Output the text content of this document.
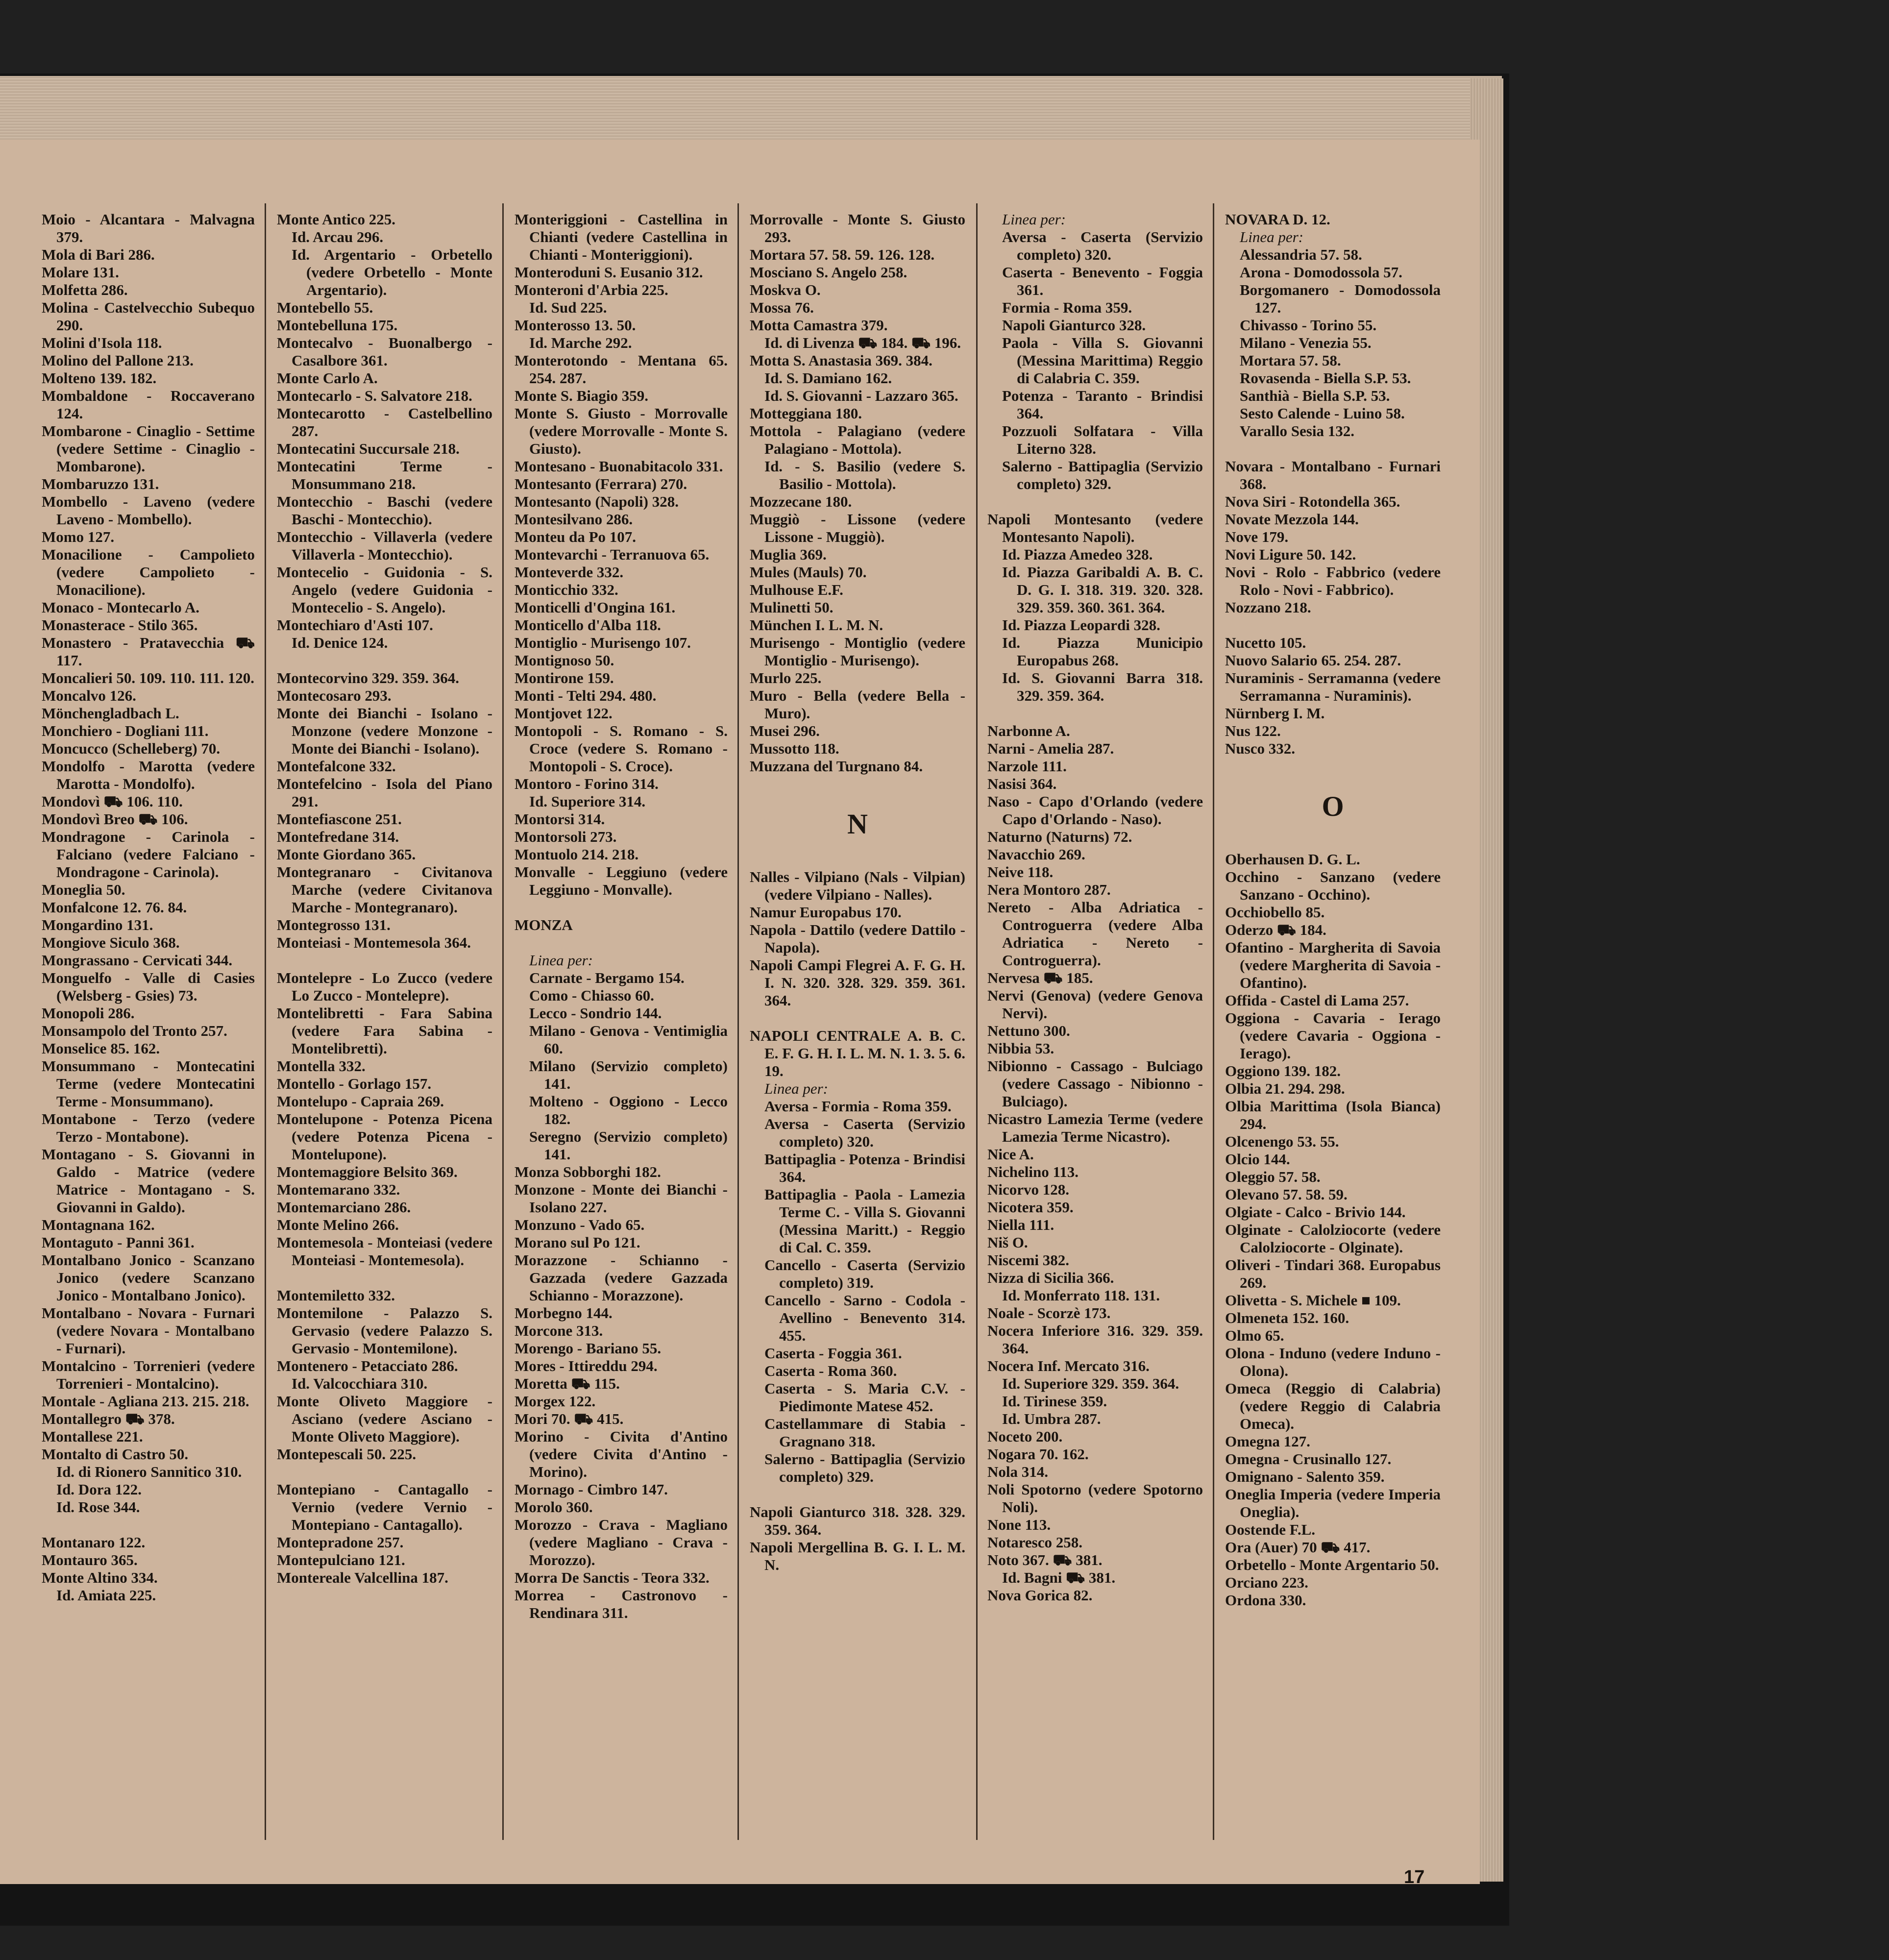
Moio - Alcantara - Malvagna 379.

Mola di Bari 286.

Molare 131.

Molfetta 286.

Molina - Castelvecchio Subequo 290.

Molini d'Isola 118.

Molino del Pallone 213.

Molteno 139. 182.

Mombaldone - Roccaverano 124.

Mombarone - Cinaglio - Settime (vedere Settime - Cinaglio - Mombarone).

Mombaruzzo 131.

Mombello - Laveno (vedere Laveno - Mombello).

Momo 127.

Monacilione - Campolieto (vedere Campolieto - Monacilione).

Monaco - Montecarlo A.

Monasterace - Stilo 365.

Monastero - Pratavecchia ⛟ 117.

Moncalieri 50. 109. 110. 111. 120.

Moncalvo 126.

Mönchengladbach L.

Monchiero - Dogliani 111.

Moncucco (Schelleberg) 70.

Mondolfo - Marotta (vedere Marotta - Mondolfo).

Mondovì ⛟ 106. 110.

Mondovì Breo ⛟ 106.

Mondragone - Carinola - Falciano (vedere Falciano - Mondragone - Carinola).

Moneglia 50.

Monfalcone 12. 76. 84.

Mongardino 131.

Mongiove Siculo 368.

Mongrassano - Cervicati 344.

Monguelfo - Valle di Casies (Welsberg - Gsies) 73.

Monopoli 286.

Monsampolo del Tronto 257.

Monselice 85. 162.

Monsummano - Montecatini Terme (vedere Montecatini Terme - Monsummano).

Montabone - Terzo (vedere Terzo - Montabone).

Montagano - S. Giovanni in Galdo - Matrice (vedere Matrice - Montagano - S. Giovanni in Galdo).

Montagnana 162.

Montaguto - Panni 361.

Montalbano Jonico - Scanzano Jonico (vedere Scanzano Jonico - Montalbano Jonico).

Montalbano - Novara - Furnari (vedere Novara - Montalbano - Furnari).

Montalcino - Torrenieri (vedere Torrenieri - Montalcino).

Montale - Agliana 213. 215. 218.

Montallegro ⛟ 378.

Montallese 221.

Montalto di Castro 50.

Id. di Rionero Sannitico 310.

Id. Dora 122.

Id. Rose 344.

Montanaro 122.

Montauro 365.

Monte Altino 334.

Id. Amiata 225.

Monte Antico 225.

Id. Arcau 296.

Id. Argentario - Orbetello (vedere Orbetello - Monte Argentario).

Montebello 55.

Montebelluna 175.

Montecalvo - Buonalbergo - Casalbore 361.

Monte Carlo A.

Montecarlo - S. Salvatore 218.

Montecarotto - Castelbellino 287.

Montecatini Succursale 218.

Montecatini Terme - Monsummano 218.

Montecchio - Baschi (vedere Baschi - Montecchio).

Montecchio - Villaverla (vedere Villaverla - Montecchio).

Montecelio - Guidonia - S. Angelo (vedere Guidonia - Montecelio - S. Angelo).

Montechiaro d'Asti 107.

Id. Denice 124.

Montecorvino 329. 359. 364.

Montecosaro 293.

Monte dei Bianchi - Isolano - Monzone (vedere Monzone - Monte dei Bianchi - Isolano).

Montefalcone 332.

Montefelcino - Isola del Piano 291.

Montefiascone 251.

Montefredane 314.

Monte Giordano 365.

Montegranaro - Civitanova Marche (vedere Civitanova Marche - Montegranaro).

Montegrosso 131.

Monteiasi - Montemesola 364.

Montelepre - Lo Zucco (vedere Lo Zucco - Montelepre).

Montelibretti - Fara Sabina (vedere Fara Sabina - Montelibretti).

Montella 332.

Montello - Gorlago 157.

Montelupo - Capraia 269.

Montelupone - Potenza Picena (vedere Potenza Picena - Montelupone).

Montemaggiore Belsito 369.

Montemarano 332.

Montemarciano 286.

Monte Melino 266.

Montemesola - Monteiasi (vedere Monteiasi - Montemesola).

Montemiletto 332.

Montemilone - Palazzo S. Gervasio (vedere Palazzo S. Gervasio - Montemilone).

Montenero - Petacciato 286.

Id. Valcocchiara 310.

Monte Oliveto Maggiore - Asciano (vedere Asciano - Monte Oliveto Maggiore).

Montepescali 50. 225.

Montepiano - Cantagallo - Vernio (vedere Vernio - Montepiano - Cantagallo).

Montepradone 257.

Montepulciano 121.

Montereale Valcellina 187.

Monteriggioni - Castellina in Chianti (vedere Castellina in Chianti - Monteriggioni).

Monteroduni S. Eusanio 312.

Monteroni d'Arbia 225.

Id. Sud 225.

Monterosso 13. 50.

Id. Marche 292.

Monterotondo - Mentana 65. 254. 287.

Monte S. Biagio 359.

Monte S. Giusto - Morrovalle (vedere Morrovalle - Monte S. Giusto).

Montesano - Buonabitacolo 331.

Montesanto (Ferrara) 270.

Montesanto (Napoli) 328.

Montesilvano 286.

Monteu da Po 107.

Montevarchi - Terranuova 65.

Monteverde 332.

Monticchio 332.

Monticelli d'Ongina 161.

Monticello d'Alba 118.

Montiglio - Murisengo 107.

Montignoso 50.

Montirone 159.

Monti - Telti 294. 480.

Montjovet 122.

Montopoli - S. Romano - S. Croce (vedere S. Romano - Montopoli - S. Croce).

Montoro - Forino 314.

Id. Superiore 314.

Montorsi 314.

Montorsoli 273.

Montuolo 214. 218.

Monvalle - Leggiuno (vedere Leggiuno - Monvalle).

MONZA

Linea per:

Carnate - Bergamo 154.

Como - Chiasso 60.

Lecco - Sondrio 144.

Milano - Genova - Ventimiglia 60.

Milano (Servizio completo) 141.

Molteno - Oggiono - Lecco 182.

Seregno (Servizio completo) 141.

Monza Sobborghi 182.

Monzone - Monte dei Bianchi - Isolano 227.

Monzuno - Vado 65.

Morano sul Po 121.

Morazzone - Schianno - Gazzada (vedere Gazzada Schianno - Morazzone).

Morbegno 144.

Morcone 313.

Morengo - Bariano 55.

Mores - Ittireddu 294.

Moretta ⛟ 115.

Morgex 122.

Mori 70. ⛟ 415.

Morino - Civita d'Antino (vedere Civita d'Antino - Morino).

Mornago - Cimbro 147.

Morolo 360.

Morozzo - Crava - Magliano (vedere Magliano - Crava - Morozzo).

Morra De Sanctis - Teora 332.

Morrea - Castronovo - Rendinara 311.

Morrovalle - Monte S. Giusto 293.

Mortara 57. 58. 59. 126. 128.

Mosciano S. Angelo 258.

Moskva O.

Mossa 76.

Motta Camastra 379.

Id. di Livenza ⛟ 184. ⛟ 196.

Motta S. Anastasia 369. 384.

Id. S. Damiano 162.

Id. S. Giovanni - Lazzaro 365.

Motteggiana 180.

Mottola - Palagiano (vedere Palagiano - Mottola).

Id. - S. Basilio (vedere S. Basilio - Mottola).

Mozzecane 180.

Muggiò - Lissone (vedere Lissone - Muggiò).

Muglia 369.

Mules (Mauls) 70.

Mulhouse E.F.

Mulinetti 50.

München I. L. M. N.

Murisengo - Montiglio (vedere Montiglio - Murisengo).

Murlo 225.

Muro - Bella (vedere Bella - Muro).

Musei 296.

Mussotto 118.

Muzzana del Turgnano 84.

N

Nalles - Vilpiano (Nals - Vilpian) (vedere Vilpiano - Nalles).

Namur Europabus 170.

Napola - Dattilo (vedere Dattilo - Napola).

Napoli Campi Flegrei A. F. G. H. I. N. 320. 328. 329. 359. 361. 364.

NAPOLI CENTRALE A. B. C. E. F. G. H. I. L. M. N. 1. 3. 5. 6. 19.

Linea per:

Aversa - Formia - Roma 359.

Aversa - Caserta (Servizio completo) 320.

Battipaglia - Potenza - Brindisi 364.

Battipaglia - Paola - Lamezia Terme C. - Villa S. Giovanni (Messina Maritt.) - Reggio di Cal. C. 359.

Cancello - Caserta (Servizio completo) 319.

Cancello - Sarno - Codola - Avellino - Benevento 314. 455.

Caserta - Foggia 361.

Caserta - Roma 360.

Caserta - S. Maria C.V. - Piedimonte Matese 452.

Castellammare di Stabia - Gragnano 318.

Salerno - Battipaglia (Servizio completo) 329.

Napoli Gianturco 318. 328. 329. 359. 364.

Napoli Mergellina B. G. I. L. M. N.

Linea per:

Aversa - Caserta (Servizio completo) 320.

Caserta - Benevento - Foggia 361.

Formia - Roma 359.

Napoli Gianturco 328.

Paola - Villa S. Giovanni (Messina Marittima) Reggio di Calabria C. 359.

Potenza - Taranto - Brindisi 364.

Pozzuoli Solfatara - Villa Literno 328.

Salerno - Battipaglia (Servizio completo) 329.

Napoli Montesanto (vedere Montesanto Napoli).

Id. Piazza Amedeo 328.

Id. Piazza Garibaldi A. B. C. D. G. I. 318. 319. 320. 328. 329. 359. 360. 361. 364.

Id. Piazza Leopardi 328.

Id. Piazza Municipio Europabus 268.

Id. S. Giovanni Barra 318. 329. 359. 364.

Narbonne A.

Narni - Amelia 287.

Narzole 111.

Nasisi 364.

Naso - Capo d'Orlando (vedere Capo d'Orlando - Naso).

Naturno (Naturns) 72.

Navacchio 269.

Neive 118.

Nera Montoro 287.

Nereto - Alba Adriatica - Controguerra (vedere Alba Adriatica - Nereto - Controguerra).

Nervesa ⛟ 185.

Nervi (Genova) (vedere Genova Nervi).

Nettuno 300.

Nibbia 53.

Nibionno - Cassago - Bulciago (vedere Cassago - Nibionno - Bulciago).

Nicastro Lamezia Terme (vedere Lamezia Terme Nicastro).

Nice A.

Nichelino 113.

Nicorvo 128.

Nicotera 359.

Niella 111.

Niš O.

Niscemi 382.

Nizza di Sicilia 366.

Id. Monferrato 118. 131.

Noale - Scorzè 173.

Nocera Inferiore 316. 329. 359. 364.

Nocera Inf. Mercato 316.

Id. Superiore 329. 359. 364.

Id. Tirinese 359.

Id. Umbra 287.

Noceto 200.

Nogara 70. 162.

Nola 314.

Noli Spotorno (vedere Spotorno Noli).

None 113.

Notaresco 258.

Noto 367. ⛟ 381.

Id. Bagni ⛟ 381.

Nova Gorica 82.

NOVARA D. 12.

Linea per:

Alessandria 57. 58.

Arona - Domodossola 57.

Borgomanero - Domodossola 127.

Chivasso - Torino 55.

Milano - Venezia 55.

Mortara 57. 58.

Rovasenda - Biella S.P. 53.

Santhià - Biella S.P. 53.

Sesto Calende - Luino 58.

Varallo Sesia 132.

Novara - Montalbano - Furnari 368.

Nova Siri - Rotondella 365.

Novate Mezzola 144.

Nove 179.

Novi Ligure 50. 142.

Novi - Rolo - Fabbrico (vedere Rolo - Novi - Fabbrico).

Nozzano 218.

Nucetto 105.

Nuovo Salario 65. 254. 287.

Nuraminis - Serramanna (vedere Serramanna - Nuraminis).

Nürnberg I. M.

Nus 122.

Nusco 332.

O

Oberhausen D. G. L.

Occhino - Sanzano (vedere Sanzano - Occhino).

Occhiobello 85.

Oderzo ⛟ 184.

Ofantino - Margherita di Savoia (vedere Margherita di Savoia - Ofantino).

Offida - Castel di Lama 257.

Oggiona - Cavaria - Ierago (vedere Cavaria - Oggiona - Ierago).

Oggiono 139. 182.

Olbia 21. 294. 298.

Olbia Marittima (Isola Bianca) 294.

Olcenengo 53. 55.

Olcio 144.

Oleggio 57. 58.

Olevano 57. 58. 59.

Olgiate - Calco - Brivio 144.

Olginate - Calolziocorte (vedere Calolziocorte - Olginate).

Oliveri - Tindari 368. Europabus 269.

Olivetta - S. Michele ■ 109.

Olmeneta 152. 160.

Olmo 65.

Olona - Induno (vedere Induno - Olona).

Omeca (Reggio di Calabria) (vedere Reggio di Calabria Omeca).

Omegna 127.

Omegna - Crusinallo 127.

Omignano - Salento 359.

Oneglia Imperia (vedere Imperia Oneglia).

Oostende F.L.

Ora (Auer) 70 ⛟ 417.

Orbetello - Monte Argentario 50.

Orciano 223.

Ordona 330.

17
